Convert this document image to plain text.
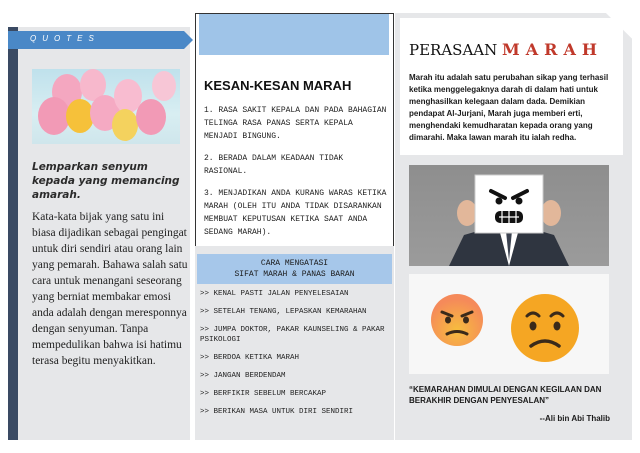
QUOTES
Lemparkan senyum kepada yang memancing amarah.
Kata-kata bijak yang satu ini biasa dijadikan sebagai pengingat untuk diri sendiri atau orang lain yang pemarah. Bahawa salah satu cara untuk menangani seseorang yang berniat membakar emosi anda adalah dengan meresponnya dengan senyuman. Tanpa mempedulikan bahwa isi hatimu terasa begitu menyakitkan.
KESAN-KESAN MARAH
1. RASA SAKIT KEPALA DAN PADA BAHAGIAN TELINGA RASA PANAS SERTA KEPALA MENJADI BINGUNG.
2. BERADA DALAM KEADAAN TIDAK RASIONAL.
3. MENJADIKAN ANDA KURANG WARAS KETIKA MARAH (OLEH ITU ANDA TIDAK DISARANKAN MEMBUAT KEPUTUSAN KETIKA SAAT ANDA SEDANG MARAH).
CARA MENGATASI
SIFAT MARAH & PANAS BARAN
>> KENAL PASTI JALAN PENYELESAIAN
>> SETELAH TENANG, LEPASKAN KEMARAHAN
>> JUMPA DOKTOR, PAKAR KAUNSELING & PAKAR PSIKOLOGI
>> BERDOA KETIKA MARAH
>> JANGAN BERDENDAM
>> BERFIKIR SEBELUM BERCAKAP
>> BERIKAN MASA UNTUK DIRI SENDIRI
PERASAAN MARAH
Marah itu adalah satu perubahan sikap yang terhasil ketika menggelegaknya darah di dalam hati untuk menghasilkan kelegaan dalam dada. Demikian pendapat Al-Jurjani, Marah juga memberi erti, menghendaki kemudharatan kepada orang yang dimarahi. Maka lawan marah itu ialah redha.
“KEMARAHAN DIMULAI DENGAN KEGILAAN DAN BERAKHIR DENGAN PENYESALAN”
--Ali bin Abi Thalib
